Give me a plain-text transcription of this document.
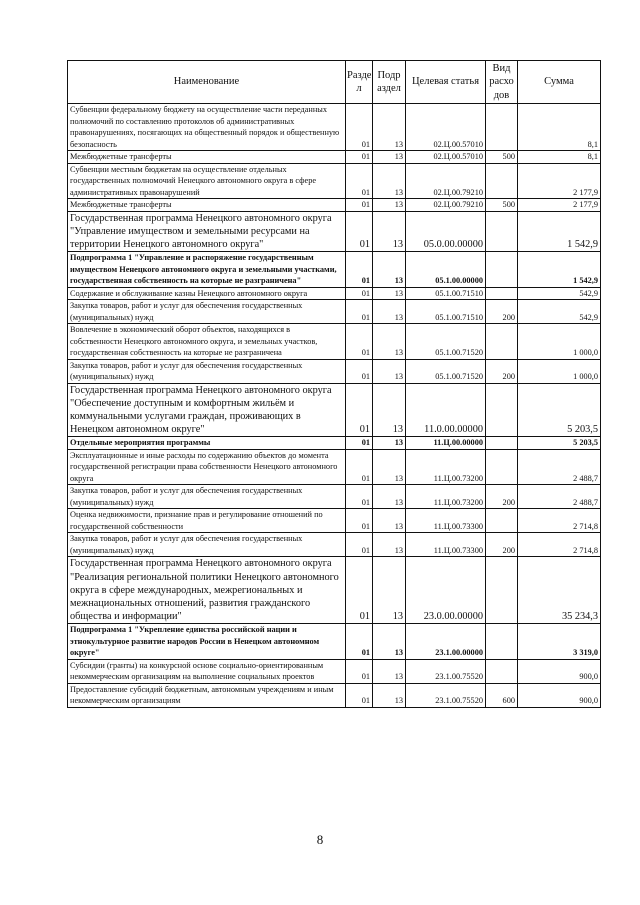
Наименование	Разде л	Подр аздел	Целевая статья	Вид расхо дов	Сумма
Субвенции федеральному бюджету на осуществление части переданных полномочий по составлению протоколов об административных правонарушениях, посягающих на общественный порядок и общественную безопасность	01	13	02.Ц.00.57010		8,1
Межбюджетные трансферты	01	13	02.Ц.00.57010	500	8,1
Субвенции местным бюджетам на осуществление отдельных государственных полномочий Ненецкого автономного округа в сфере административных правонарушений	01	13	02.Ц.00.79210		2 177,9
Межбюджетные трансферты	01	13	02.Ц.00.79210	500	2 177,9
Государственная программа Ненецкого автономного округа "Управление имуществом и земельными ресурсами на территории Ненецкого автономного округа"	01	13	05.0.00.00000		1 542,9
Подпрограмма 1 "Управление и распоряжение государственным имуществом Ненецкого автономного округа и земельными участками, государственная собственность на которые не разграничена"	01	13	05.1.00.00000		1 542,9
Содержание и обслуживание казны Ненецкого автономного округа	01	13	05.1.00.71510		542,9
Закупка товаров, работ и услуг для обеспечения государственных (муниципальных) нужд	01	13	05.1.00.71510	200	542,9
Вовлечение в экономический оборот объектов, находящихся в собственности Ненецкого автономного округа, и земельных участков, государственная собственность на которые не разграничена	01	13	05.1.00.71520		1 000,0
Закупка товаров, работ и услуг для обеспечения государственных (муниципальных) нужд	01	13	05.1.00.71520	200	1 000,0
Государственная программа Ненецкого автономного округа "Обеспечение доступным и комфортным жильём и коммунальными услугами граждан, проживающих в Ненецком автономном округе"	01	13	11.0.00.00000		5 203,5
Отдельные мероприятия программы	01	13	11.Ц.00.00000		5 203,5
Эксплуатационные и иные расходы по содержанию объектов до момента государственной регистрации права собственности Ненецкого автономного округа	01	13	11.Ц.00.73200		2 488,7
Закупка товаров, работ и услуг для обеспечения государственных (муниципальных) нужд	01	13	11.Ц.00.73200	200	2 488,7
Оценка недвижимости, признание прав и регулирование отношений по государственной собственности	01	13	11.Ц.00.73300		2 714,8
Закупка товаров, работ и услуг для обеспечения государственных (муниципальных) нужд	01	13	11.Ц.00.73300	200	2 714,8
Государственная программа Ненецкого автономного округа "Реализация региональной политики Ненецкого автономного округа в сфере международных, межрегиональных и межнациональных отношений, развития гражданского общества и информации"	01	13	23.0.00.00000		35 234,3
Подпрограмма 1 "Укрепление единства российской нации и этнокультурное развитие народов России в Ненецком автономном округе"	01	13	23.1.00.00000		3 319,0
Субсидии (гранты) на конкурсной основе социально-ориентированным некоммерческим организациям на выполнение социальных проектов	01	13	23.1.00.75520		900,0
Предоставление субсидий бюджетным, автономным учреждениям и иным некоммерческим организациям	01	13	23.1.00.75520	600	900,0
8
